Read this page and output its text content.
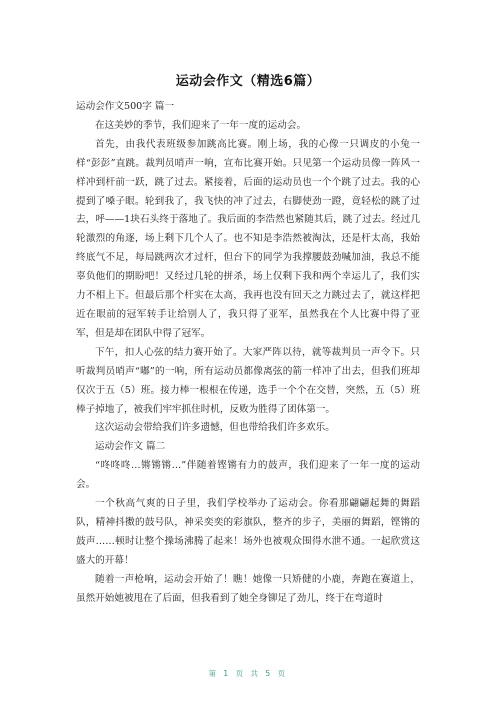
运动会作文（精选6篇）

运动会作文500字 篇一

在这美妙的季节，我们迎来了一年一度的运动会。

首先，由我代表班级参加跳高比赛。刚上场，我的心像一只调皮的小兔一样“彭彭”直跳。裁判员哨声一响，宣布比赛开始。只见第一个运动员像一阵风一样冲到杆前一跃，跳了过去。紧接着，后面的运动员也一个个跳了过去。我的心提到了嗓子眼。轮到我了，我飞快的冲了过去，右脚使劲一蹬，竟轻松的跳了过去，呼——1块石头终于落地了。我后面的李浩然也紧随其后，跳了过去。经过几轮激烈的角逐，场上剩下几个人了。也不知是李浩然被淘汰，还是杆太高，我始终底气不足，每局跳两次才过杆，但台下的同学为我撑腰鼓劲喊加油，我总不能辜负他们的期盼吧！又经过几轮的拼杀，场上仅剩下我和两个幸运儿了，我们实力不相上下。但最后那个杆实在太高，我再也没有回天之力跳过去了，就这样把近在眼前的冠军转手让给别人了，我只得了亚军，虽然我在个人比赛中得了亚军，但是却在团队中得了冠军。

下午，扣人心弦的结力赛开始了。大家严阵以待，就等裁判员一声令下。只听裁判员哨声“嘟”的一响，所有运动员都像离弦的箭一样冲了出去，但我们班却仅次于五（5）班。接力棒一根根在传递，选手一个个在交替，突然，五（5）班棒子掉地了，被我们牢牢抓住时机，反败为胜得了团体第一。

这次运动会带给我们许多遗憾，但也带给我们许多欢乐。

运动会作文 篇二

“咚咚咚…锵锵锵…”伴随着铿锵有力的鼓声，我们迎来了一年一度的运动会。

一个秋高气爽的日子里，我们学校举办了运动会。你看那翩翩起舞的舞蹈队，精神抖擞的鼓号队，神采奕奕的彩旗队，整齐的步子，美丽的舞蹈，铿锵的鼓声……顿时让整个操场沸腾了起来！场外也被观众围得水泄不通。一起欣赏这盛大的开幕！

随着一声枪响，运动会开始了！瞧！她像一只矫健的小鹿，奔跑在赛道上，虽然开始她被甩在了后面，但我看到了她全身铆足了劲儿，终于在弯道时

第 1 页 共 5 页
